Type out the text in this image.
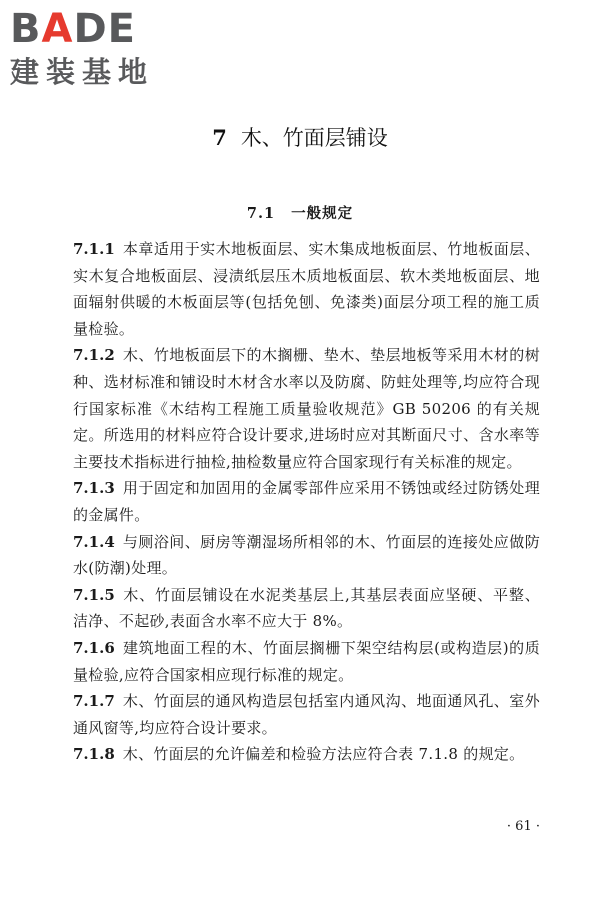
BADE
建装基地
7 木、竹面层铺设
7.1 一般规定

7.1.1 本章适用于实木地板面层、实木集成地板面层、竹地板面层、实木复合地板面层、浸渍纸层压木质地板面层、软木类地板面层、地面辐射供暖的木板面层等(包括免刨、免漆类)面层分项工程的施工质量检验。

7.1.2 木、竹地板面层下的木搁栅、垫木、垫层地板等采用木材的树种、选材标准和铺设时木材含水率以及防腐、防蛀处理等,均应符合现行国家标准《木结构工程施工质量验收规范》GB 50206 的有关规定。所选用的材料应符合设计要求,进场时应对其断面尺寸、含水率等主要技术指标进行抽检,抽检数量应符合国家现行有关标准的规定。

7.1.3 用于固定和加固用的金属零部件应采用不锈蚀或经过防锈处理的金属件。

7.1.4 与厕浴间、厨房等潮湿场所相邻的木、竹面层的连接处应做防水(防潮)处理。

7.1.5 木、竹面层铺设在水泥类基层上,其基层表面应坚硬、平整、洁净、不起砂,表面含水率不应大于 8%。

7.1.6 建筑地面工程的木、竹面层搁栅下架空结构层(或构造层)的质量检验,应符合国家相应现行标准的规定。

7.1.7 木、竹面层的通风构造层包括室内通风沟、地面通风孔、室外通风窗等,均应符合设计要求。

7.1.8 木、竹面层的允许偏差和检验方法应符合表 7.1.8 的规定。

· 61 ·
